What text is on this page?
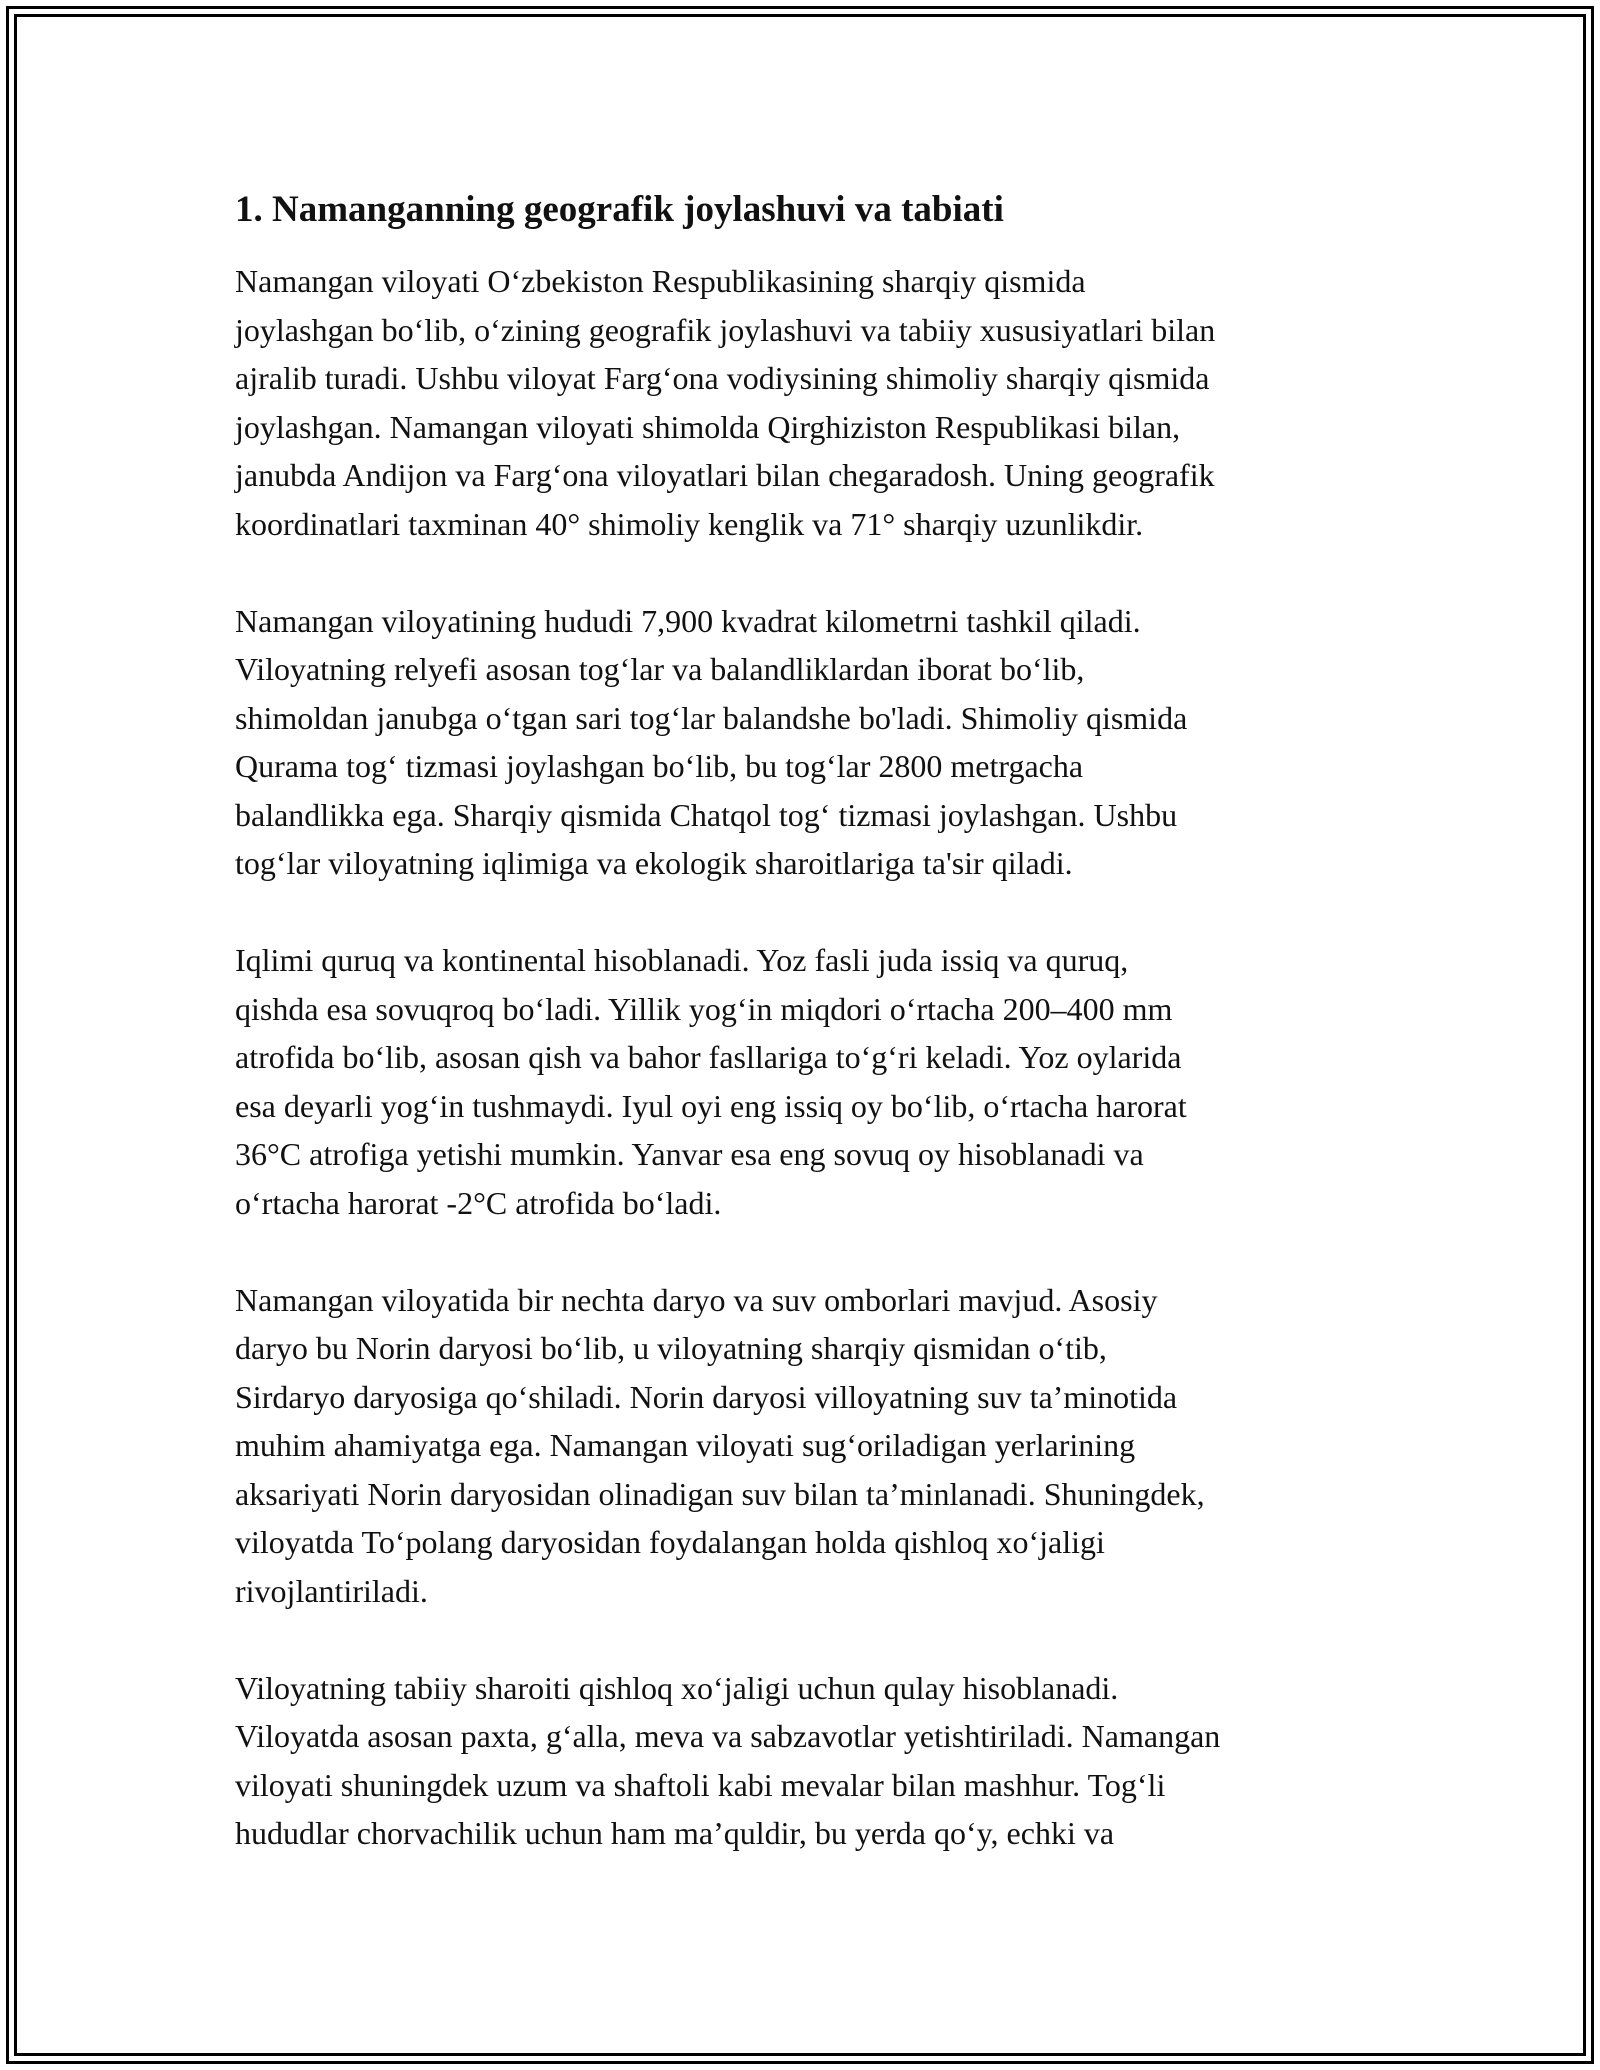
1. Namanganning geografik joylashuvi va tabiati
Namangan viloyati O‘zbekiston Respublikasining sharqiy qismida
joylashgan bo‘lib, o‘zining geografik joylashuvi va tabiiy xususiyatlari bilan
ajralib turadi. Ushbu viloyat Farg‘ona vodiysining shimoliy sharqiy qismida
joylashgan. Namangan viloyati shimolda Qirghiziston Respublikasi bilan,
janubda Andijon va Farg‘ona viloyatlari bilan chegaradosh. Uning geografik
koordinatlari taxminan 40° shimoliy kenglik va 71° sharqiy uzunlikdir.
Namangan viloyatining hududi 7,900 kvadrat kilometrni tashkil qiladi.
Viloyatning relyefi asosan tog‘lar va balandliklardan iborat bo‘lib,
shimoldan janubga o‘tgan sari tog‘lar balandshe bo'ladi. Shimoliy qismida
Qurama tog‘ tizmasi joylashgan bo‘lib, bu tog‘lar 2800 metrgacha
balandlikka ega. Sharqiy qismida Chatqol tog‘ tizmasi joylashgan. Ushbu
tog‘lar viloyatning iqlimiga va ekologik sharoitlariga ta'sir qiladi.
Iqlimi quruq va kontinental hisoblanadi. Yoz fasli juda issiq va quruq,
qishda esa sovuqroq bo‘ladi. Yillik yog‘in miqdori o‘rtacha 200–400 mm
atrofida bo‘lib, asosan qish va bahor fasllariga to‘g‘ri keladi. Yoz oylarida
esa deyarli yog‘in tushmaydi. Iyul oyi eng issiq oy bo‘lib, o‘rtacha harorat
36°C atrofiga yetishi mumkin. Yanvar esa eng sovuq oy hisoblanadi va
o‘rtacha harorat -2°C atrofida bo‘ladi.
Namangan viloyatida bir nechta daryo va suv omborlari mavjud. Asosiy
daryo bu Norin daryosi bo‘lib, u viloyatning sharqiy qismidan o‘tib,
Sirdaryo daryosiga qo‘shiladi. Norin daryosi villoyatning suv ta’minotida
muhim ahamiyatga ega. Namangan viloyati sug‘oriladigan yerlarining
aksariyati Norin daryosidan olinadigan suv bilan ta’minlanadi. Shuningdek,
viloyatda To‘polang daryosidan foydalangan holda qishloq xo‘jaligi
rivojlantiriladi.
Viloyatning tabiiy sharoiti qishloq xo‘jaligi uchun qulay hisoblanadi.
Viloyatda asosan paxta, g‘alla, meva va sabzavotlar yetishtiriladi. Namangan
viloyati shuningdek uzum va shaftoli kabi mevalar bilan mashhur. Tog‘li
hududlar chorvachilik uchun ham ma’quldir, bu yerda qo‘y, echki va
